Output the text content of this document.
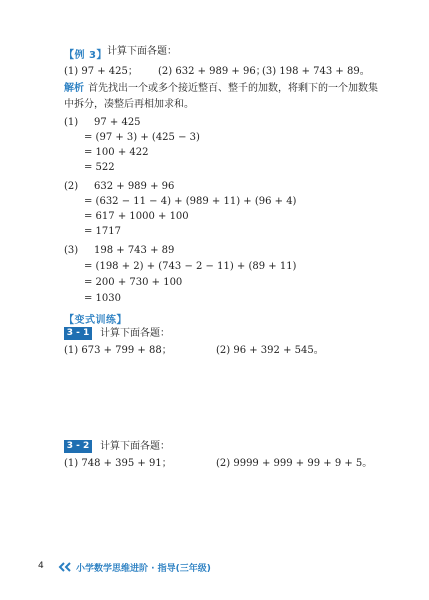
【例 3】 计算下面各题：
(1) 97 + 425； (2) 632 + 989 + 96；
(3) 198 + 743 + 89。
解析 首先找出一个或多个接近整百、整千的加数，将剩下的一个加数集
中拆分，凑整后再相加求和。
(1) 97 + 425
= (97 + 3) + (425 − 3)
= 100 + 422
= 522
(2) 632 + 989 + 96
= (632 − 11 − 4) + (989 + 11) + (96 + 4)
= 617 + 1000 + 100
= 1717
(3) 198 + 743 + 89
= (198 + 2) + (743 − 2 − 11) + (89 + 11)
= 200 + 730 + 100
= 1030
【变式训练】
3 - 1 计算下面各题：
(1) 673 + 799 + 88；	(2) 96 + 392 + 545。
3 - 2 计算下面各题：
(1) 748 + 395 + 91；	(2) 9999 + 999 + 99 + 9 + 5。
4	小学数学思维进阶 · 指导(三年级)
